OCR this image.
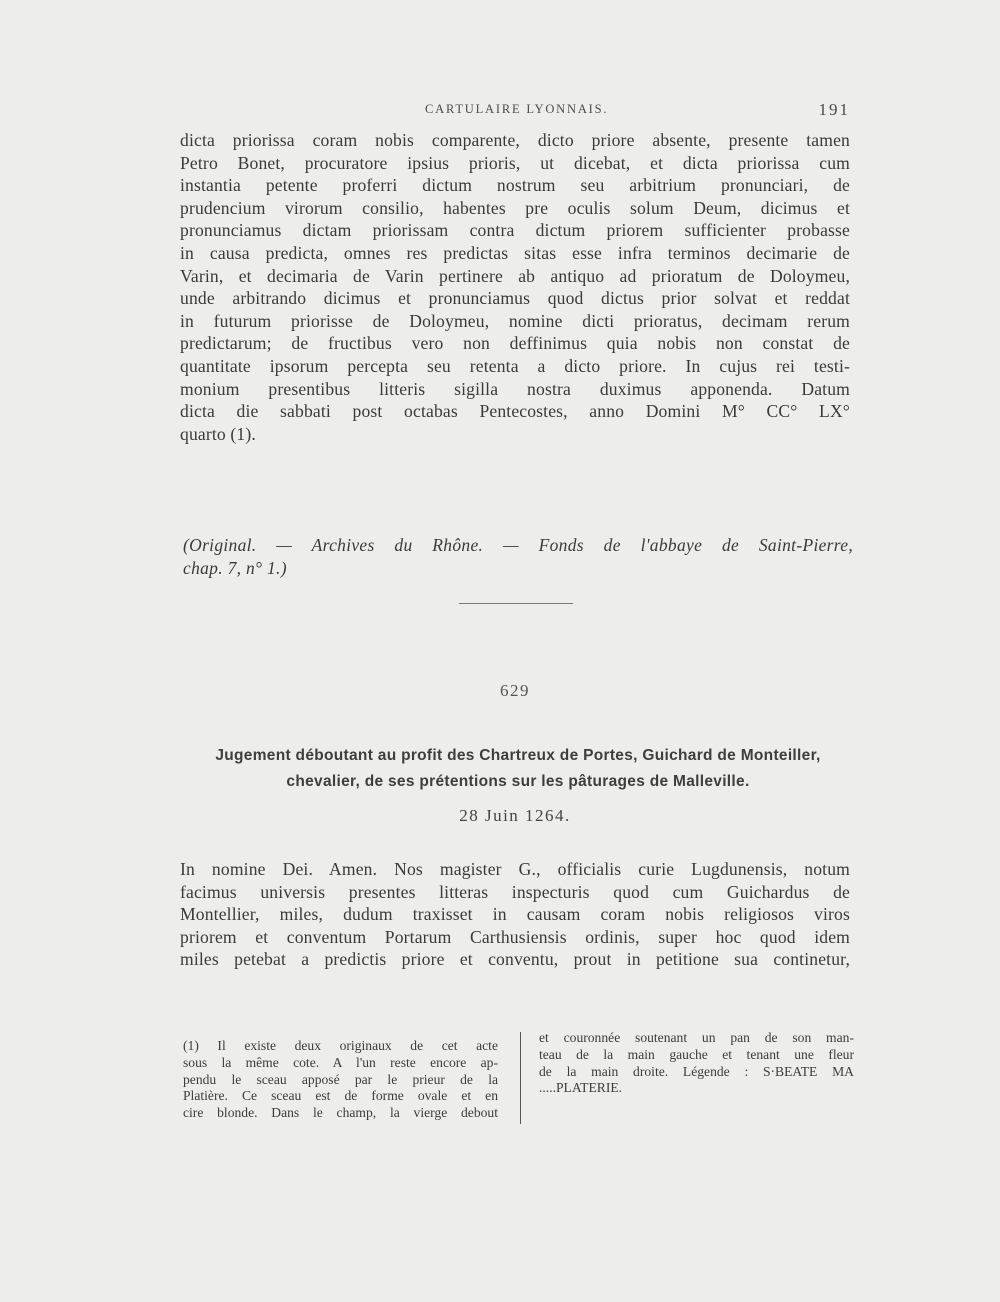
CARTULAIRE LYONNAIS.	191
dicta priorissa coram nobis comparente, dicto priore absente, presente tamen
Petro Bonet, procuratore ipsius prioris, ut dicebat, et dicta priorissa cum
instantia petente proferri dictum nostrum seu arbitrium pronunciari, de
prudencium virorum consilio, habentes pre oculis solum Deum, dicimus et
pronunciamus dictam priorissam contra dictum priorem sufficienter probasse
in causa predicta, omnes res predictas sitas esse infra terminos decimarie de
Varin, et decimaria de Varin pertinere ab antiquo ad prioratum de Doloymeu,
unde arbitrando dicimus et pronunciamus quod dictus prior solvat et reddat
in futurum priorisse de Doloymeu, nomine dicti prioratus, decimam rerum
predictarum; de fructibus vero non deffinimus quia nobis non constat de
quantitate ipsorum percepta seu retenta a dicto priore. In cujus rei testi-
monium presentibus litteris sigilla nostra duximus apponenda. Datum
dicta die sabbati post octabas Pentecostes, anno Domini M° CC° LX°
quarto (1).
(Original. — Archives du Rhône. — Fonds de l'abbaye de Saint-Pierre,
chap. 7, n° 1.)
629
Jugement déboutant au profit des Chartreux de Portes, Guichard de Monteiller,
chevalier, de ses prétentions sur les pâturages de Malleville.
28 Juin 1264.
In nomine Dei. Amen. Nos magister G., officialis curie Lugdunensis, notum
facimus universis presentes litteras inspecturis quod cum Guichardus de
Montellier, miles, dudum traxisset in causam coram nobis religiosos viros
priorem et conventum Portarum Carthusiensis ordinis, super hoc quod idem
miles petebat a predictis priore et conventu, prout in petitione sua continetur,
(1) Il existe deux originaux de cet acte
sous la même cote. A l'un reste encore ap-
pendu le sceau apposé par le prieur de la
Platière. Ce sceau est de forme ovale et en
cire blonde. Dans le champ, la vierge debout
et couronnée soutenant un pan de son man-
teau de la main gauche et tenant une fleur
de la main droite. Légende : S·BEATE MA
.....PLATERIE.
